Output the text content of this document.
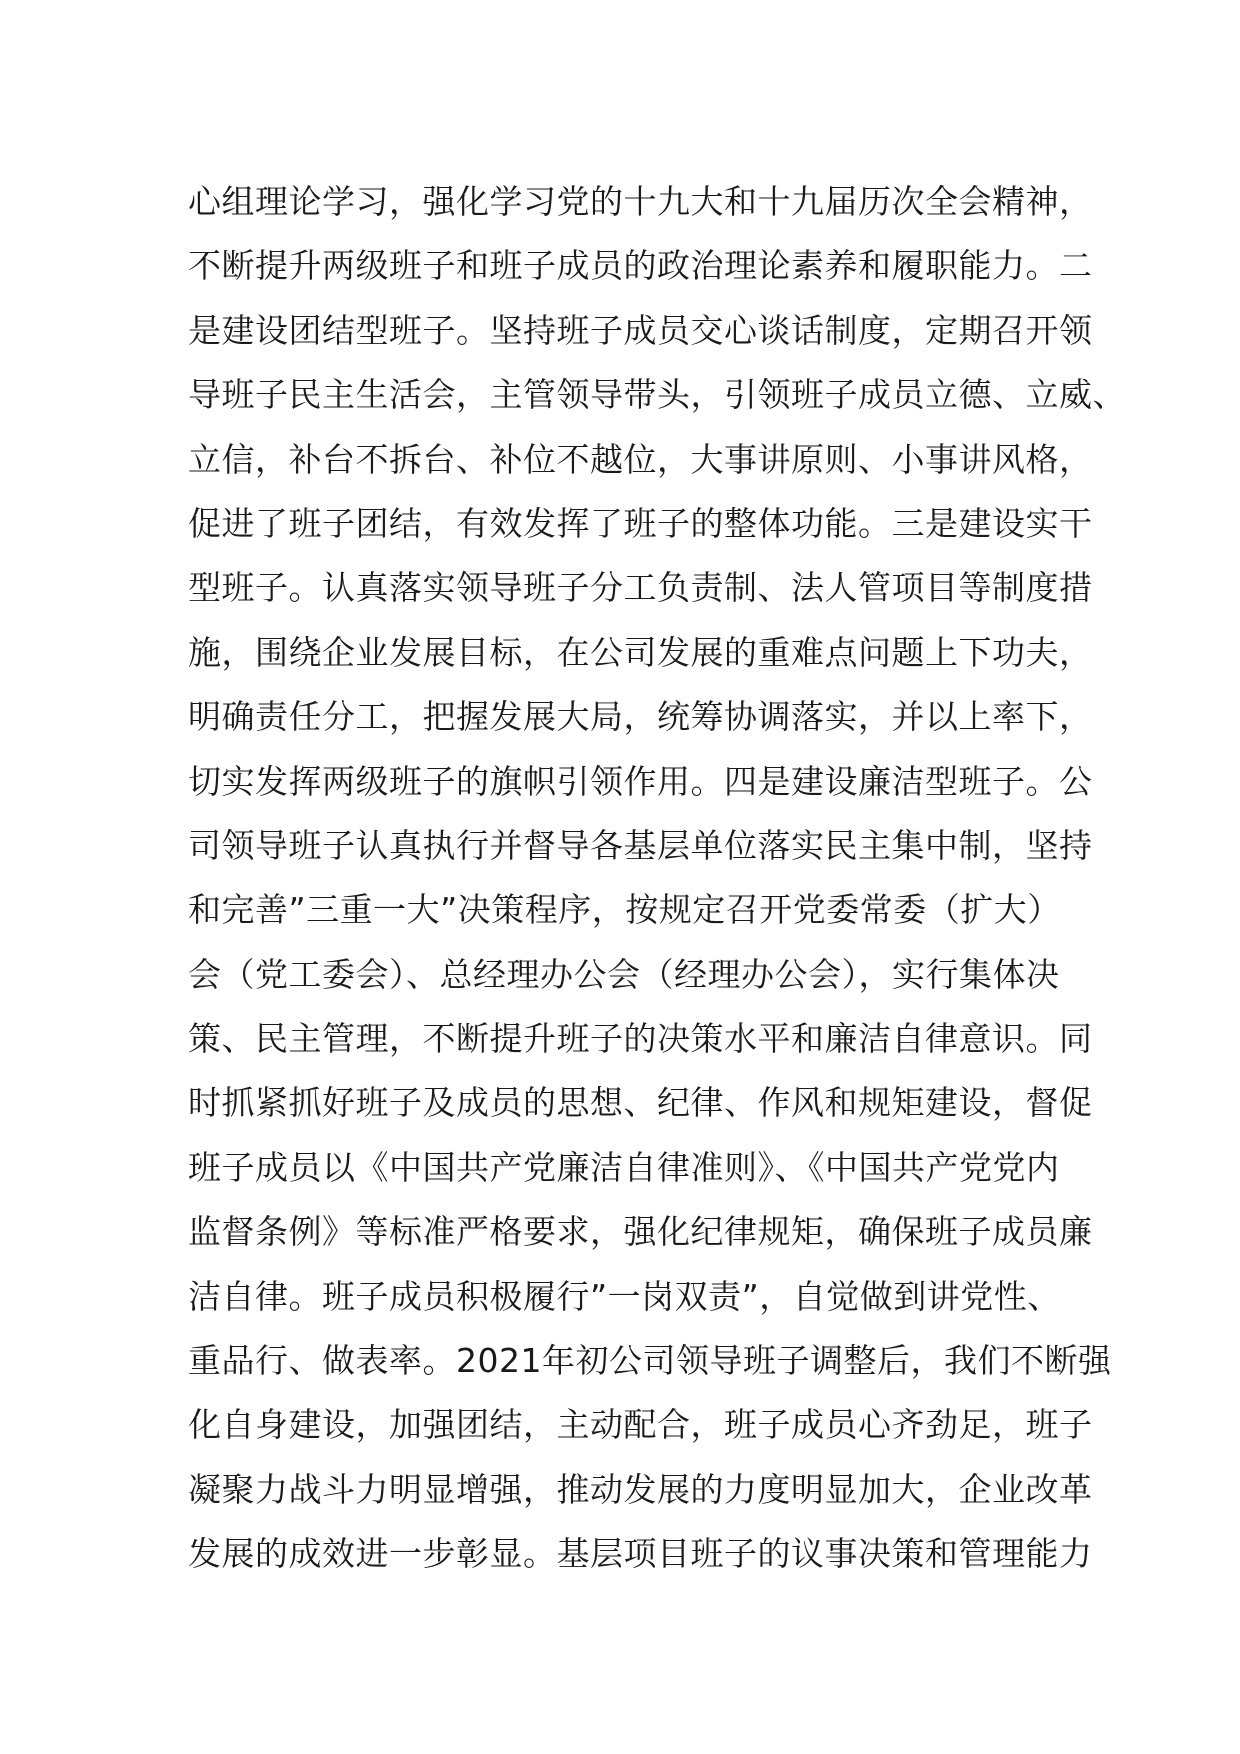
心组理论学习，强化学习党的十九大和十九届历次全会精神，
不断提升两级班子和班子成员的政治理论素养和履职能力。二
是建设团结型班子。坚持班子成员交心谈话制度，定期召开领
导班子民主生活会，主管领导带头，引领班子成员立德、立威、
立信，补台不拆台、补位不越位，大事讲原则、小事讲风格，
促进了班子团结，有效发挥了班子的整体功能。三是建设实干
型班子。认真落实领导班子分工负责制、法人管项目等制度措
施，围绕企业发展目标，在公司发展的重难点问题上下功夫，
明确责任分工，把握发展大局，统筹协调落实，并以上率下，
切实发挥两级班子的旗帜引领作用。四是建设廉洁型班子。公
司领导班子认真执行并督导各基层单位落实民主集中制，坚持
和完善”三重一大”决策程序，按规定召开党委常委（扩大）
会（党工委会）、总经理办公会（经理办公会），实行集体决
策、民主管理，不断提升班子的决策水平和廉洁自律意识。同
时抓紧抓好班子及成员的思想、纪律、作风和规矩建设，督促
班子成员以《中国共产党廉洁自律准则》、《中国共产党党内
监督条例》等标准严格要求，强化纪律规矩，确保班子成员廉
洁自律。班子成员积极履行”一岗双责”，自觉做到讲党性、
重品行、做表率。2021年初公司领导班子调整后，我们不断强
化自身建设，加强团结，主动配合，班子成员心齐劲足，班子
凝聚力战斗力明显增强，推动发展的力度明显加大，企业改革
发展的成效进一步彰显。基层项目班子的议事决策和管理能力
